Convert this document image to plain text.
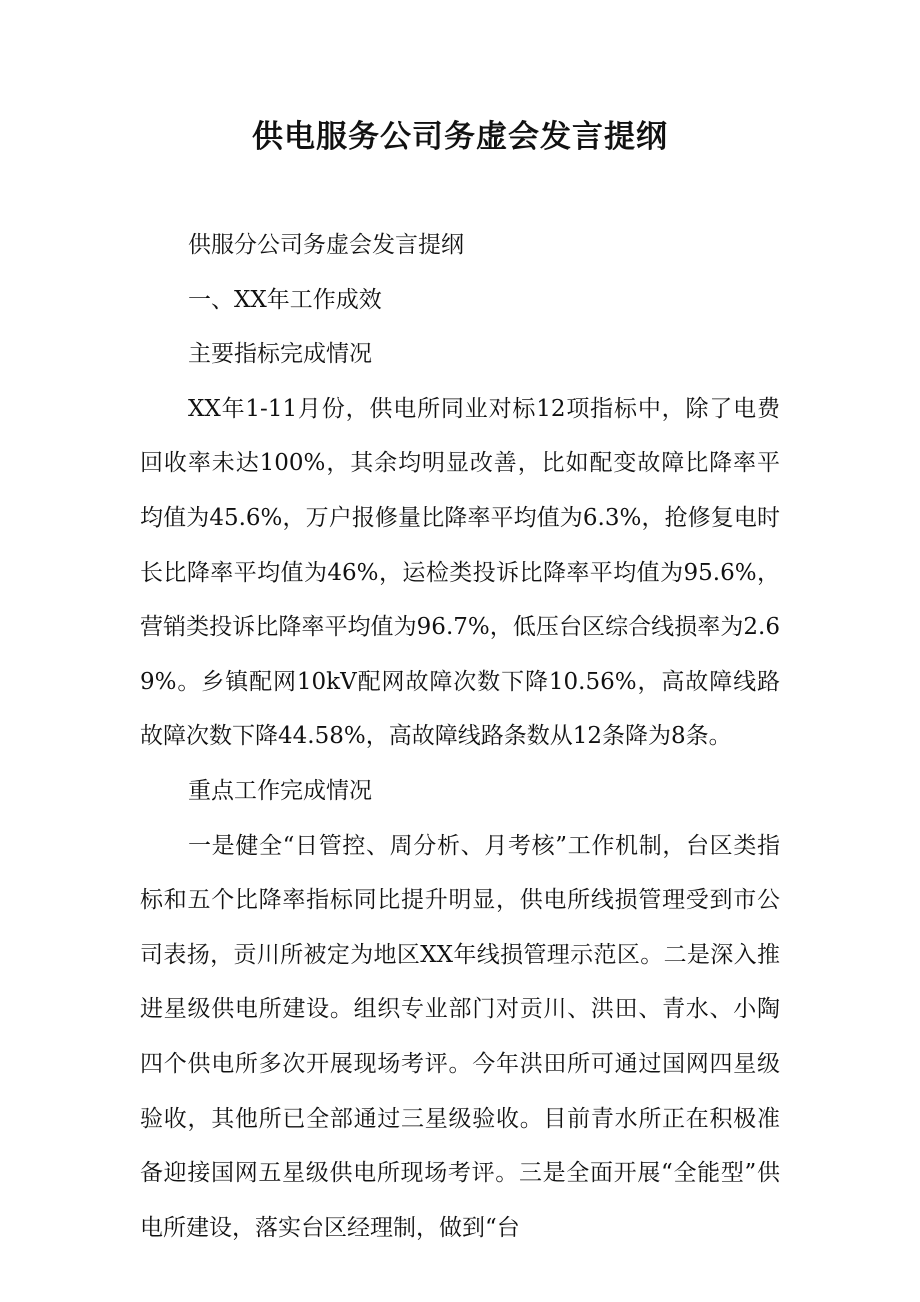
供电服务公司务虚会发言提纲

供服分公司务虚会发言提纲

一、XX年工作成效

主要指标完成情况

XX年1-11月份，供电所同业对标12项指标中，除了电费回收率未达100%，其余均明显改善，比如配变故障比降率平均值为45.6%，万户报修量比降率平均值为6.3%，抢修复电时长比降率平均值为46%，运检类投诉比降率平均值为95.6%，营销类投诉比降率平均值为96.7%，低压台区综合线损率为2.69%。乡镇配网10kV配网故障次数下降10.56%，高故障线路故障次数下降44.58%，高故障线路条数从12条降为8条。

重点工作完成情况

一是健全“日管控、周分析、月考核”工作机制，台区类指标和五个比降率指标同比提升明显，供电所线损管理受到市公司表扬，贡川所被定为地区XX年线损管理示范区。二是深入推进星级供电所建设。组织专业部门对贡川、洪田、青水、小陶四个供电所多次开展现场考评。今年洪田所可通过国网四星级验收，其他所已全部通过三星级验收。目前青水所正在积极准备迎接国网五星级供电所现场考评。三是全面开展“全能型”供电所建设，落实台区经理制，做到“台
